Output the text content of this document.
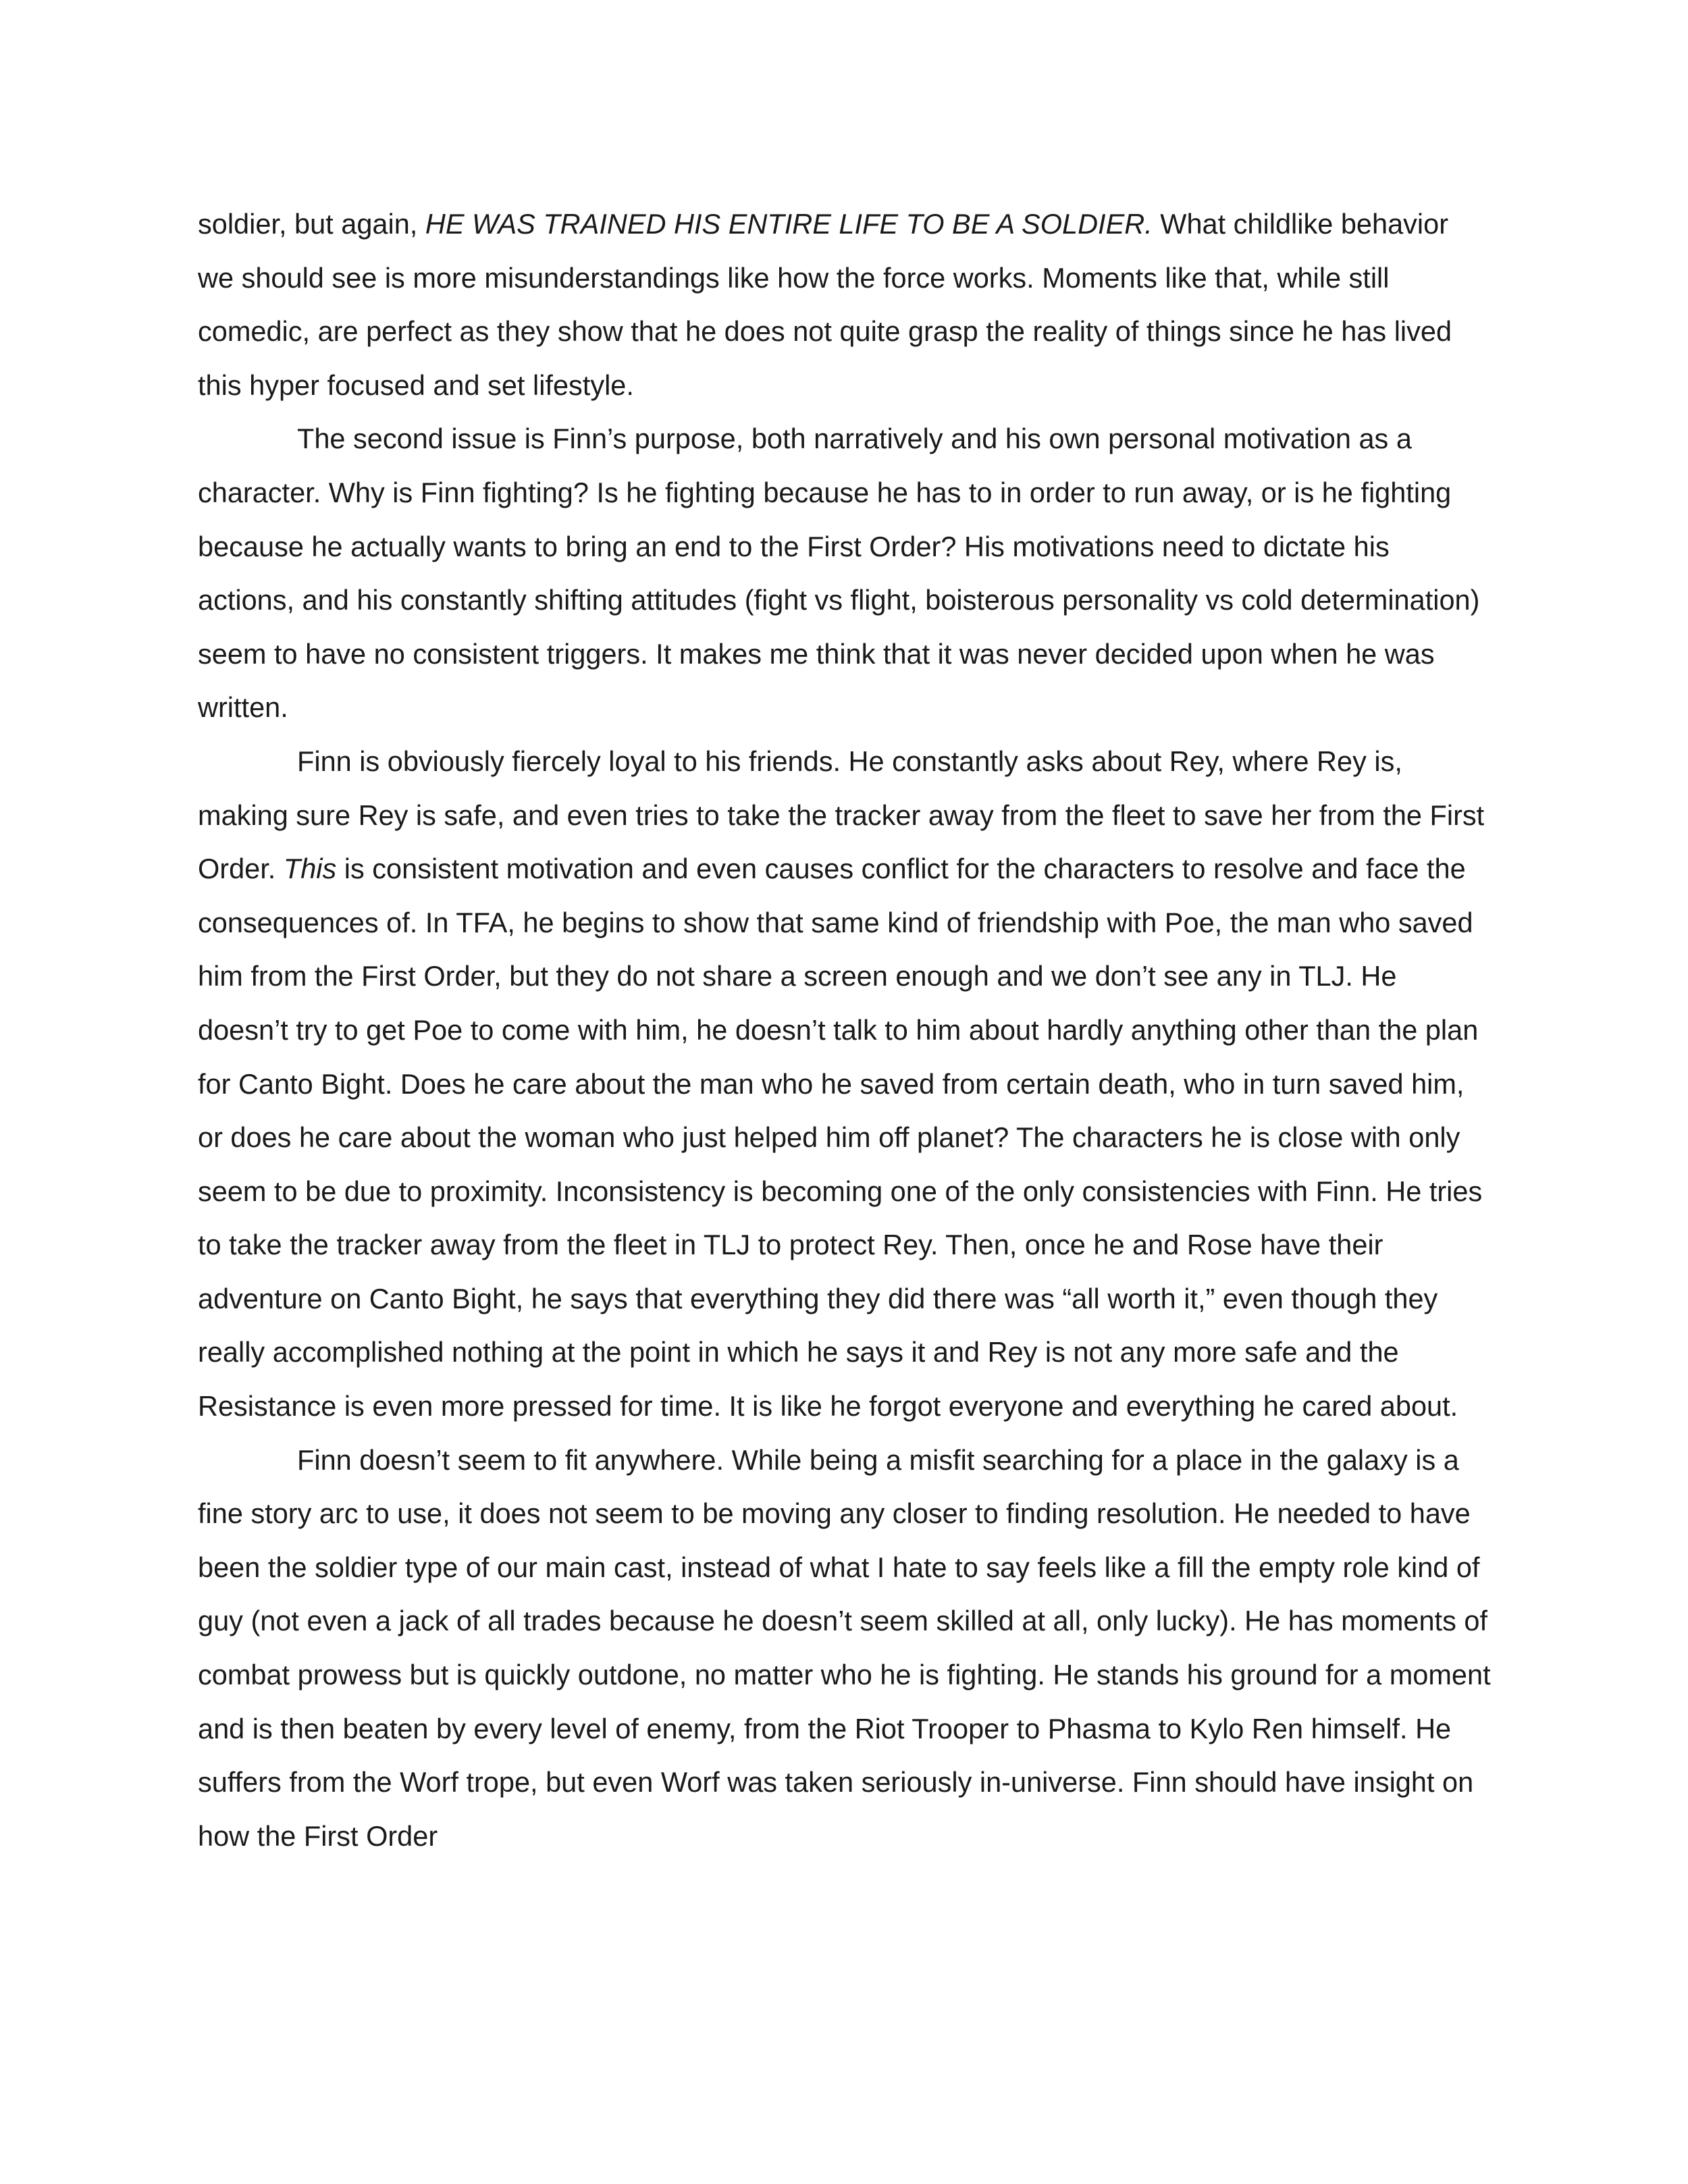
soldier, but again, HE WAS TRAINED HIS ENTIRE LIFE TO BE A SOLDIER. What childlike behavior we should see is more misunderstandings like how the force works. Moments like that, while still comedic, are perfect as they show that he does not quite grasp the reality of things since he has lived this hyper focused and set lifestyle.

The second issue is Finn’s purpose, both narratively and his own personal motivation as a character. Why is Finn fighting? Is he fighting because he has to in order to run away, or is he fighting because he actually wants to bring an end to the First Order? His motivations need to dictate his actions, and his constantly shifting attitudes (fight vs flight, boisterous personality vs cold determination) seem to have no consistent triggers. It makes me think that it was never decided upon when he was written.

Finn is obviously fiercely loyal to his friends. He constantly asks about Rey, where Rey is, making sure Rey is safe, and even tries to take the tracker away from the fleet to save her from the First Order. This is consistent motivation and even causes conflict for the characters to resolve and face the consequences of. In TFA, he begins to show that same kind of friendship with Poe, the man who saved him from the First Order, but they do not share a screen enough and we don’t see any in TLJ. He doesn’t try to get Poe to come with him, he doesn’t talk to him about hardly anything other than the plan for Canto Bight. Does he care about the man who he saved from certain death, who in turn saved him, or does he care about the woman who just helped him off planet? The characters he is close with only seem to be due to proximity. Inconsistency is becoming one of the only consistencies with Finn. He tries to take the tracker away from the fleet in TLJ to protect Rey. Then, once he and Rose have their adventure on Canto Bight, he says that everything they did there was “all worth it,” even though they really accomplished nothing at the point in which he says it and Rey is not any more safe and the Resistance is even more pressed for time. It is like he forgot everyone and everything he cared about.

Finn doesn’t seem to fit anywhere. While being a misfit searching for a place in the galaxy is a fine story arc to use, it does not seem to be moving any closer to finding resolution. He needed to have been the soldier type of our main cast, instead of what I hate to say feels like a fill the empty role kind of guy (not even a jack of all trades because he doesn’t seem skilled at all, only lucky). He has moments of combat prowess but is quickly outdone, no matter who he is fighting. He stands his ground for a moment and is then beaten by every level of enemy, from the Riot Trooper to Phasma to Kylo Ren himself. He suffers from the Worf trope, but even Worf was taken seriously in-universe. Finn should have insight on how the First Order
